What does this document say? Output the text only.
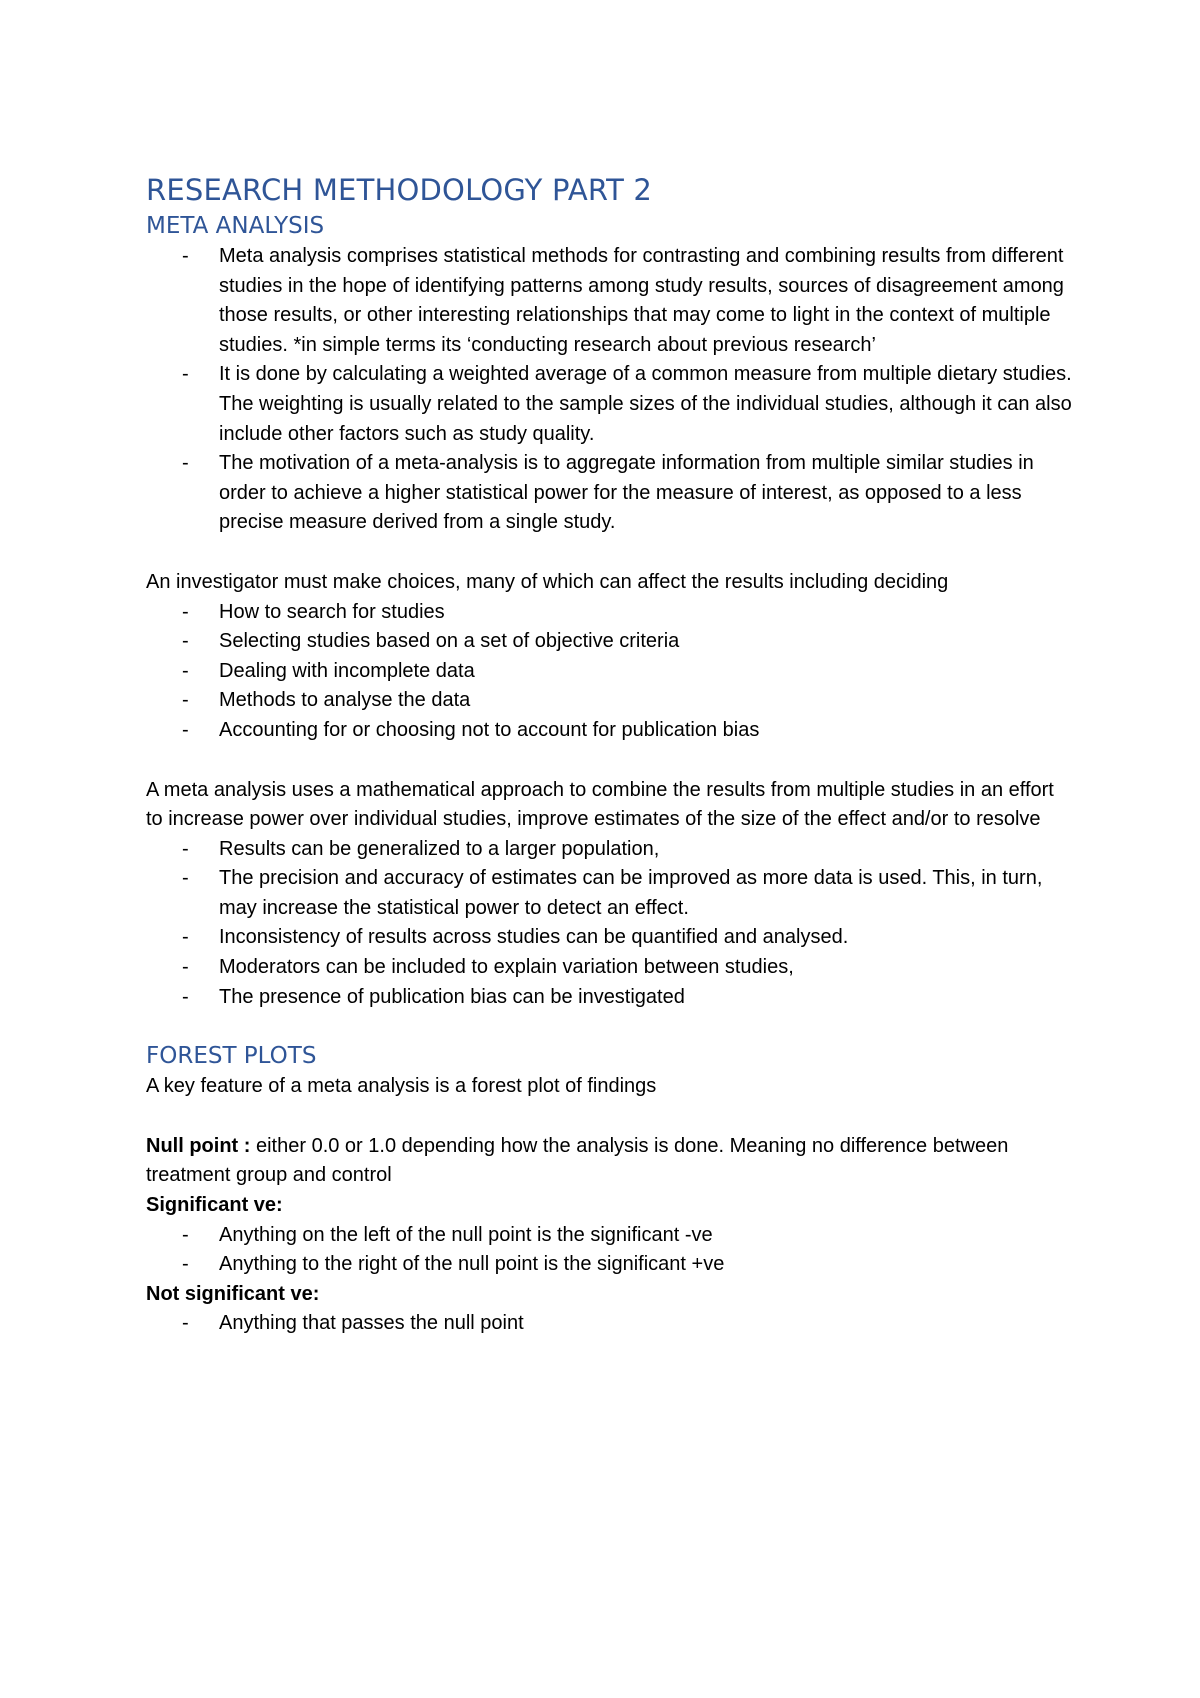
RESEARCH METHODOLOGY PART 2
META ANALYSIS
- Meta analysis comprises statistical methods for contrasting and combining results from different studies in the hope of identifying patterns among study results, sources of disagreement among those results, or other interesting relationships that may come to light in the context of multiple studies. *in simple terms its ‘conducting research about previous research’
- It is done by calculating a weighted average of a common measure from multiple dietary studies. The weighting is usually related to the sample sizes of the individual studies, although it can also include other factors such as study quality.
- The motivation of a meta-analysis is to aggregate information from multiple similar studies in order to achieve a higher statistical power for the measure of interest, as opposed to a less precise measure derived from a single study.

An investigator must make choices, many of which can affect the results including deciding

- How to search for studies
- Selecting studies based on a set of objective criteria
- Dealing with incomplete data
- Methods to analyse the data
- Accounting for or choosing not to account for publication bias

A meta analysis uses a mathematical approach to combine the results from multiple studies in an effort to increase power over individual studies, improve estimates of the size of the effect and/or to resolve

- Results can be generalized to a larger population,
- The precision and accuracy of estimates can be improved as more data is used. This, in turn, may increase the statistical power to detect an effect.
- Inconsistency of results across studies can be quantified and analysed.
- Moderators can be included to explain variation between studies,
- The presence of publication bias can be investigated
FOREST PLOTS

A key feature of a meta analysis is a forest plot of findings

Null point : either 0.0 or 1.0 depending how the analysis is done. Meaning no difference between treatment group and control

Significant ve:

- Anything on the left of the null point is the significant -ve
- Anything to the right of the null point is the significant +ve

Not significant ve:

- Anything that passes the null point
